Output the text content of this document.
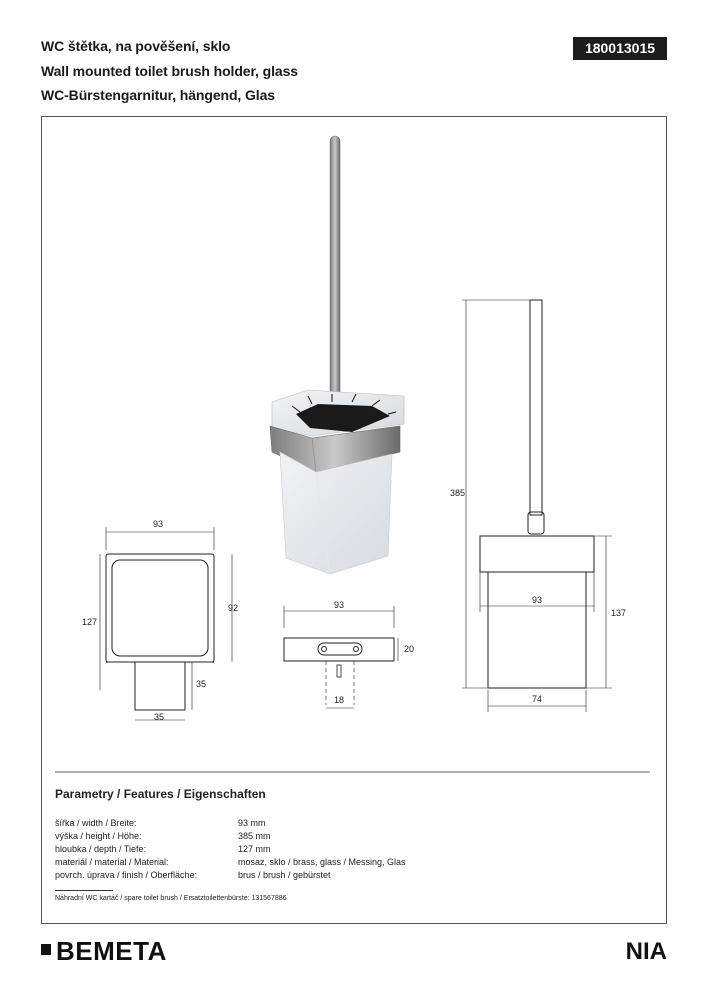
WC štětka, na pověšení, sklo
Wall mounted toilet brush holder, glass
WC-Bürstengarnitur, hängend, Glas
180013015
93
127
92
35
35
93
20
18
385
93
137
74
Parametry / Features / Eigenschaften
šířka / width / Breite:	93 mm
výška / height / Höhe:	385 mm
hloubka / depth / Tiefe:	127 mm
materiál / material / Material:	mosaz, sklo / brass, glass / Messing, Glas
povrch. úprava / finish / Oberfläche:	brus / brush / gebürstet
Náhradní WC kartáč / spare toilet brush / Ersatztoilettenbürste: 131567886
BEMETA	NIA
